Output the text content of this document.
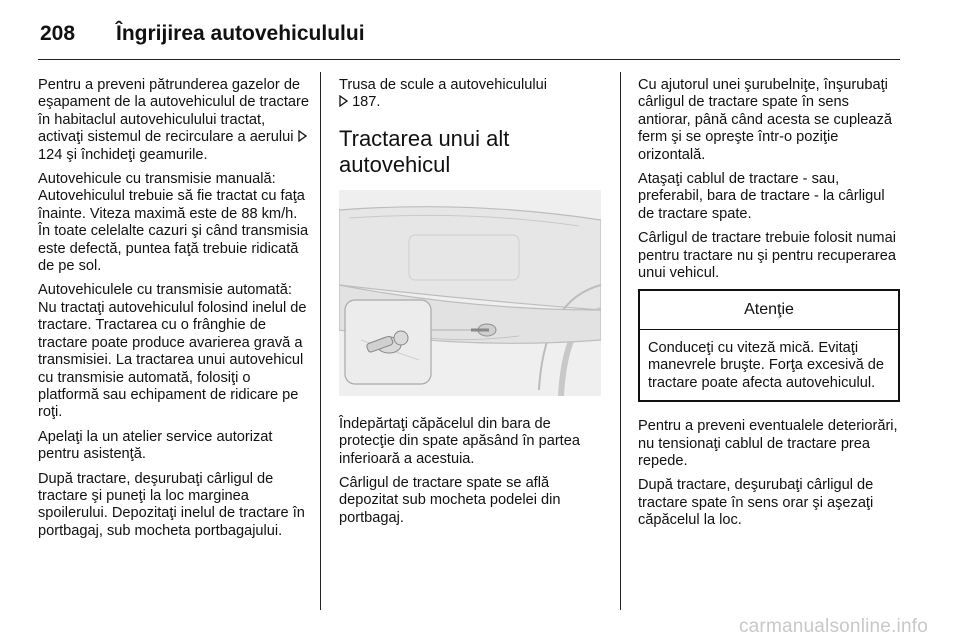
208	Îngrijirea autovehiculului

Pentru a preveni pătrunderea gazelor de eşapament de la autovehiculul de tractare în habitaclul autovehiculului tractat, activaţi sistemul de recirculare a aerului
124 şi închideţi geamurile.

Autovehicule cu transmisie manuală: Autovehiculul trebuie să fie tractat cu faţa înainte. Viteza maximă este de 88 km/h. În toate celelalte cazuri şi când transmisia este defectă, puntea faţă trebuie ridicată de pe sol.

Autovehiculele cu transmisie automată: Nu tractaţi autovehiculul folosind inelul de tractare. Tractarea cu o frânghie de tractare poate produce avarierea gravă a transmisiei. La tractarea unui autovehicul cu transmisie automată, folosiţi o platformă sau echipament de ridicare pe roţi.

Apelaţi la un atelier service autorizat pentru asistenţă.

După tractare, deşurubaţi cârligul de tractare şi puneţi la loc marginea spoilerului. Depozitaţi inelul de tractare în portbagaj, sub mocheta portbagajului.

Trusa de scule a autovehiculului

187.

Tractarea unui alt autovehicul

Îndepărtaţi căpăcelul din bara de protecţie din spate apăsând în partea inferioară a acestuia.

Cârligul de tractare spate se află depozitat sub mocheta podelei din portbagaj.

Cu ajutorul unei şurubelniţe, înşurubaţi cârligul de tractare spate în sens antiorar, până când acesta se cuplează ferm şi se opreşte într-o poziţie orizontală.

Ataşaţi cablul de tractare - sau, preferabil, bara de tractare - la cârligul de tractare spate.

Cârligul de tractare trebuie folosit numai pentru tractare nu şi pentru recuperarea unui vehicul.

Atenţie
Conduceţi cu viteză mică. Evitaţi manevrele bruşte. Forţa excesivă de tractare poate afecta autovehiculul.

Pentru a preveni eventualele deteriorări, nu tensionaţi cablul de tractare prea repede.

După tractare, deşurubaţi cârligul de tractare spate în sens orar şi aşezaţi căpăcelul la loc.

carmanualsonline.info
